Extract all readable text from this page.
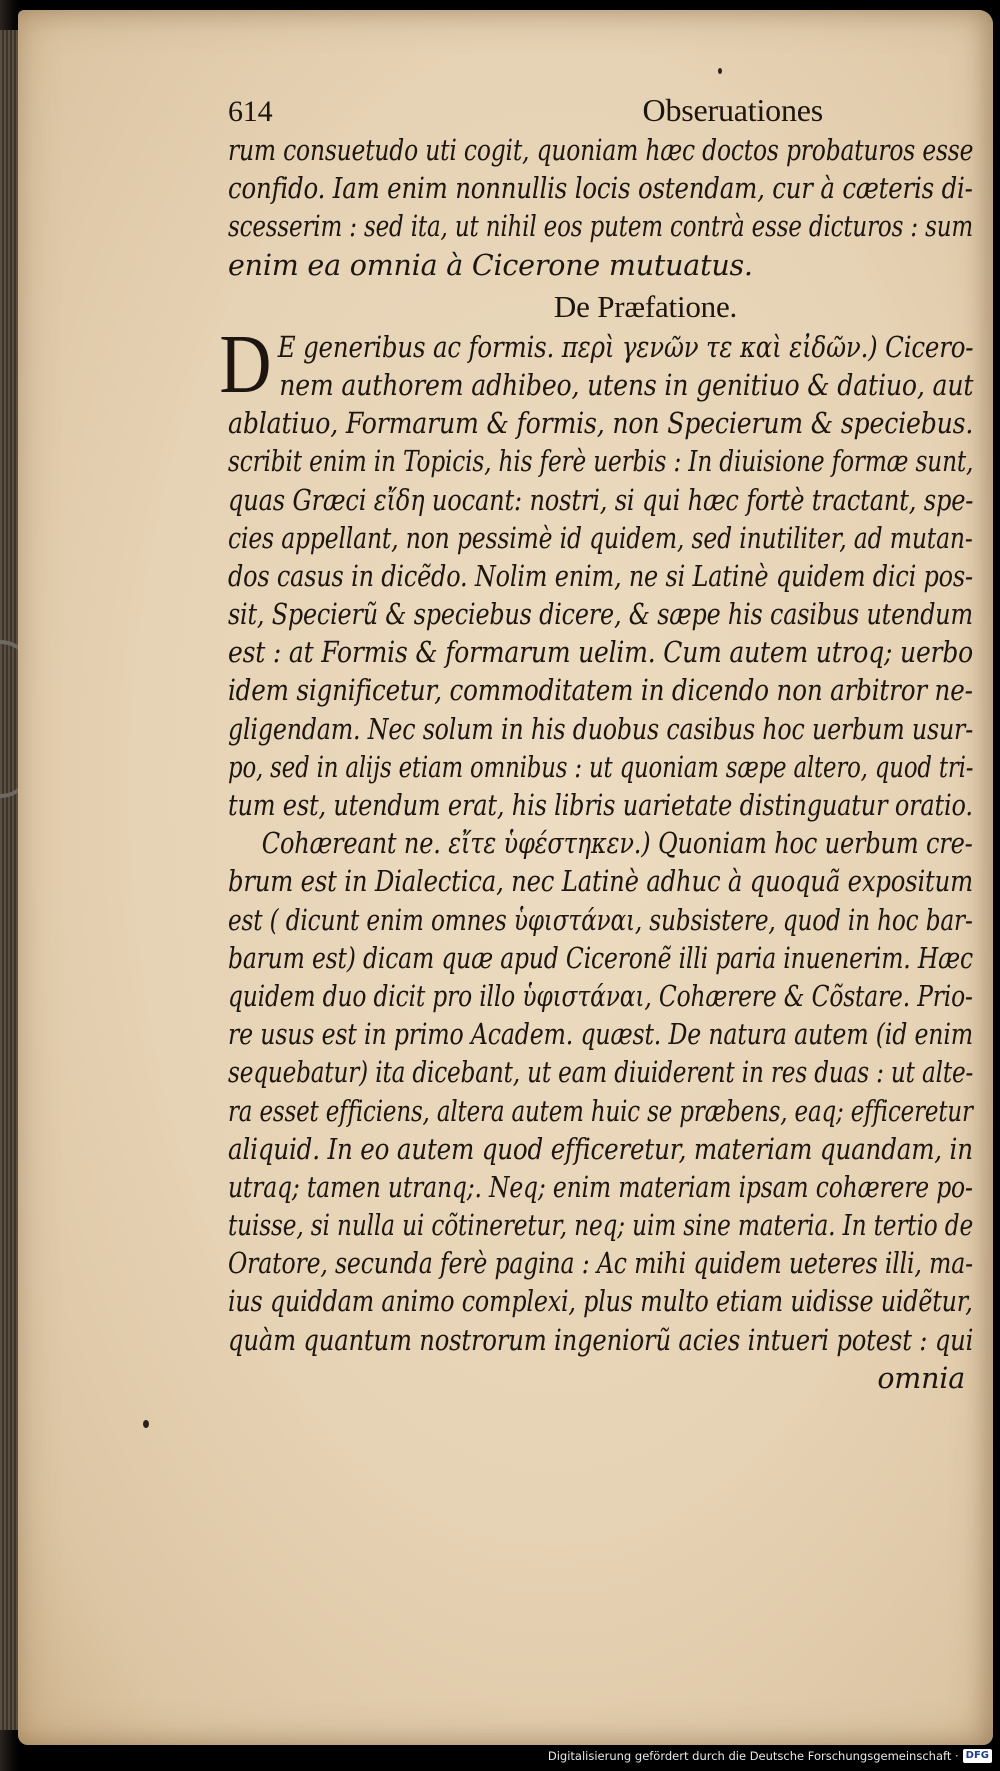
614	Obseruationes
rum consuetudo uti cogit, quoniam hæc doctos probaturos esse
confido. Iam enim nonnullis locis ostendam, cur à cæteris di-
scesserim : sed ita, ut nihil eos putem contrà esse dicturos : sum
enim ea omnia à Cicerone mutuatus.
De Præfatione.
D E generibus ac formis. περὶ γενῶν τε καὶ εἰδῶν.) Cicero-
nem authorem adhibeo, utens in genitiuo & datiuo, aut
ablatiuo, Formarum & formis, non Specierum & speciebus.
scribit enim in Topicis, his ferè uerbis : In diuisione formæ sunt,
quas Græci εἴδη uocant: nostri, si qui hæc fortè tractant, spe-
cies appellant, non pessimè id quidem, sed inutiliter, ad mutan-
dos casus in dicẽdo. Nolim enim, ne si Latinè quidem dici pos-
sit, Specierũ & speciebus dicere, & sæpe his casibus utendum
est : at Formis & formarum uelim. Cum autem utroq; uerbo
idem significetur, commoditatem in dicendo non arbitror ne-
gligendam. Nec solum in his duobus casibus hoc uerbum usur-
po, sed in alijs etiam omnibus : ut quoniam sæpe altero, quod tri-
tum est, utendum erat, his libris uarietate distinguatur oratio.
Cohæreant ne. εἴτε ὑφέστηκεν.) Quoniam hoc uerbum cre-
brum est in Dialectica, nec Latinè adhuc à quoquã expositum
est ( dicunt enim omnes ὑφιστάναι, subsistere, quod in hoc bar-
barum est) dicam quæ apud Ciceronẽ illi paria inuenerim. Hæc
quidem duo dicit pro illo ὑφιστάναι, Cohærere & Cõstare. Prio-
re usus est in primo Academ. quæst. De natura autem (id enim
sequebatur) ita dicebant, ut eam diuiderent in res duas : ut alte-
ra esset efficiens, altera autem huic se præbens, eaq; efficeretur
aliquid. In eo autem quod efficeretur, materiam quandam, in
utraq; tamen utranq;. Neq; enim materiam ipsam cohærere po-
tuisse, si nulla ui cõtineretur, neq; uim sine materia. In tertio de
Oratore, secunda ferè pagina : Ac mihi quidem ueteres illi, ma-
ius quiddam animo complexi, plus multo etiam uidisse uidẽtur,
quàm quantum nostrorum ingeniorũ acies intueri potest : qui
omnia
Digitalisierung gefördert durch die Deutsche Forschungsgemeinschaft · DFG
